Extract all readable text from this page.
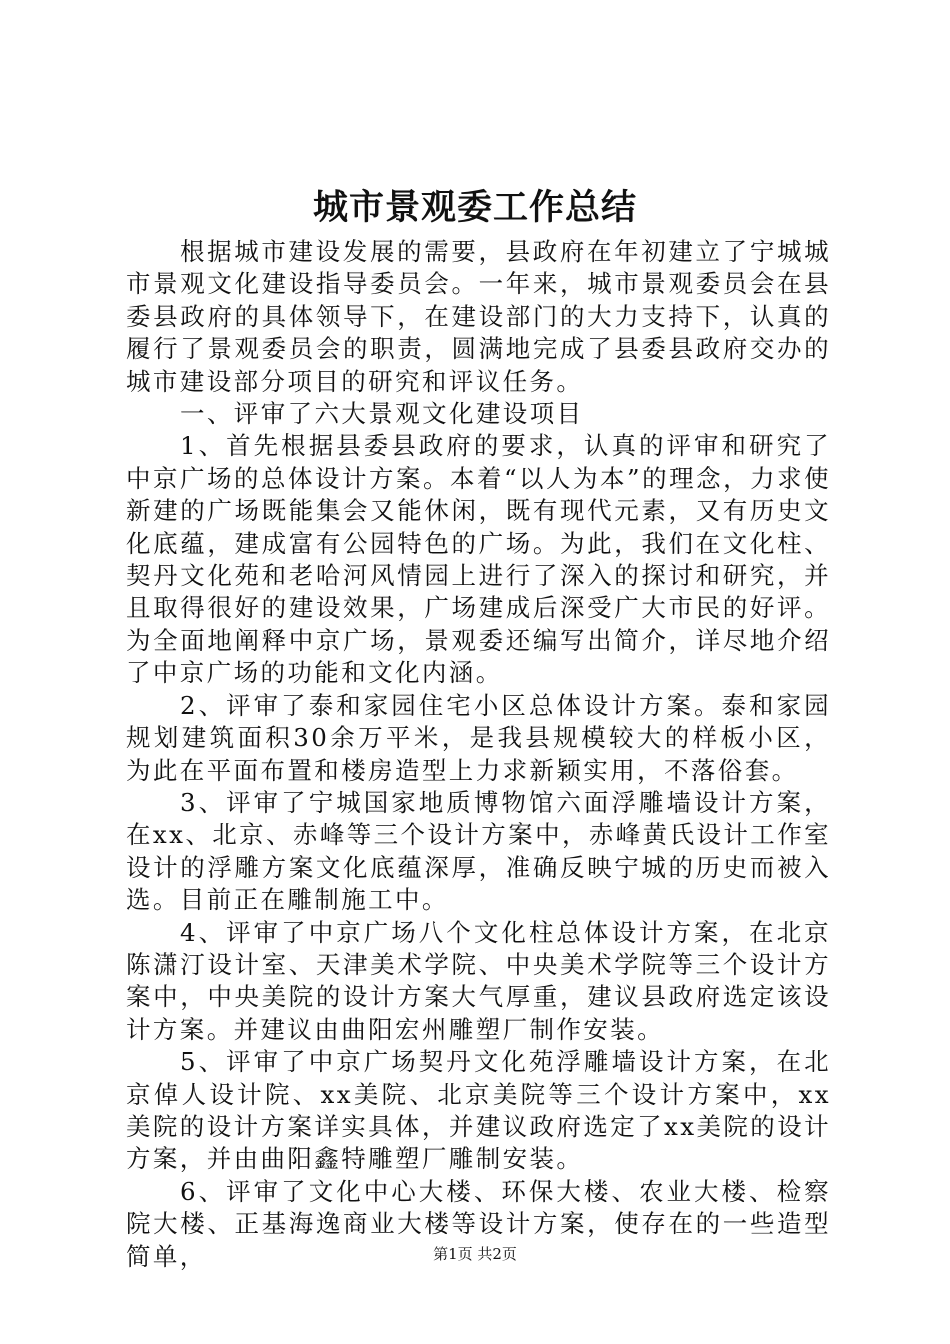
城市景观委工作总结

根据城市建设发展的需要，县政府在年初建立了宁城城市景观文化建设指导委员会。一年来，城市景观委员会在县委县政府的具体领导下，在建设部门的大力支持下，认真的履行了景观委员会的职责，圆满地完成了县委县政府交办的城市建设部分项目的研究和评议任务。

一、评审了六大景观文化建设项目

1、首先根据县委县政府的要求，认真的评审和研究了中京广场的总体设计方案。本着“以人为本”的理念，力求使新建的广场既能集会又能休闲，既有现代元素，又有历史文化底蕴，建成富有公园特色的广场。为此，我们在文化柱、契丹文化苑和老哈河风情园上进行了深入的探讨和研究，并且取得很好的建设效果，广场建成后深受广大市民的好评。为全面地阐释中京广场，景观委还编写出简介，详尽地介绍了中京广场的功能和文化内涵。

2、评审了泰和家园住宅小区总体设计方案。泰和家园规划建筑面积30余万平米，是我县规模较大的样板小区，为此在平面布置和楼房造型上力求新颖实用，不落俗套。

3、评审了宁城国家地质博物馆六面浮雕墙设计方案，在xx、北京、赤峰等三个设计方案中，赤峰黄氏设计工作室设计的浮雕方案文化底蕴深厚，准确反映宁城的历史而被入选。目前正在雕制施工中。

4、评审了中京广场八个文化柱总体设计方案，在北京陈潇汀设计室、天津美术学院、中央美术学院等三个设计方案中，中央美院的设计方案大气厚重，建议县政府选定该设计方案。并建议由曲阳宏州雕塑厂制作安装。

5、评审了中京广场契丹文化苑浮雕墙设计方案，在北京倬人设计院、xx美院、北京美院等三个设计方案中，xx美院的设计方案详实具体，并建议政府选定了xx美院的设计方案，并由曲阳鑫特雕塑厂雕制安装。

6、评审了文化中心大楼、环保大楼、农业大楼、检察院大楼、正基海逸商业大楼等设计方案，使存在的一些造型简单，	第1页 共2页
